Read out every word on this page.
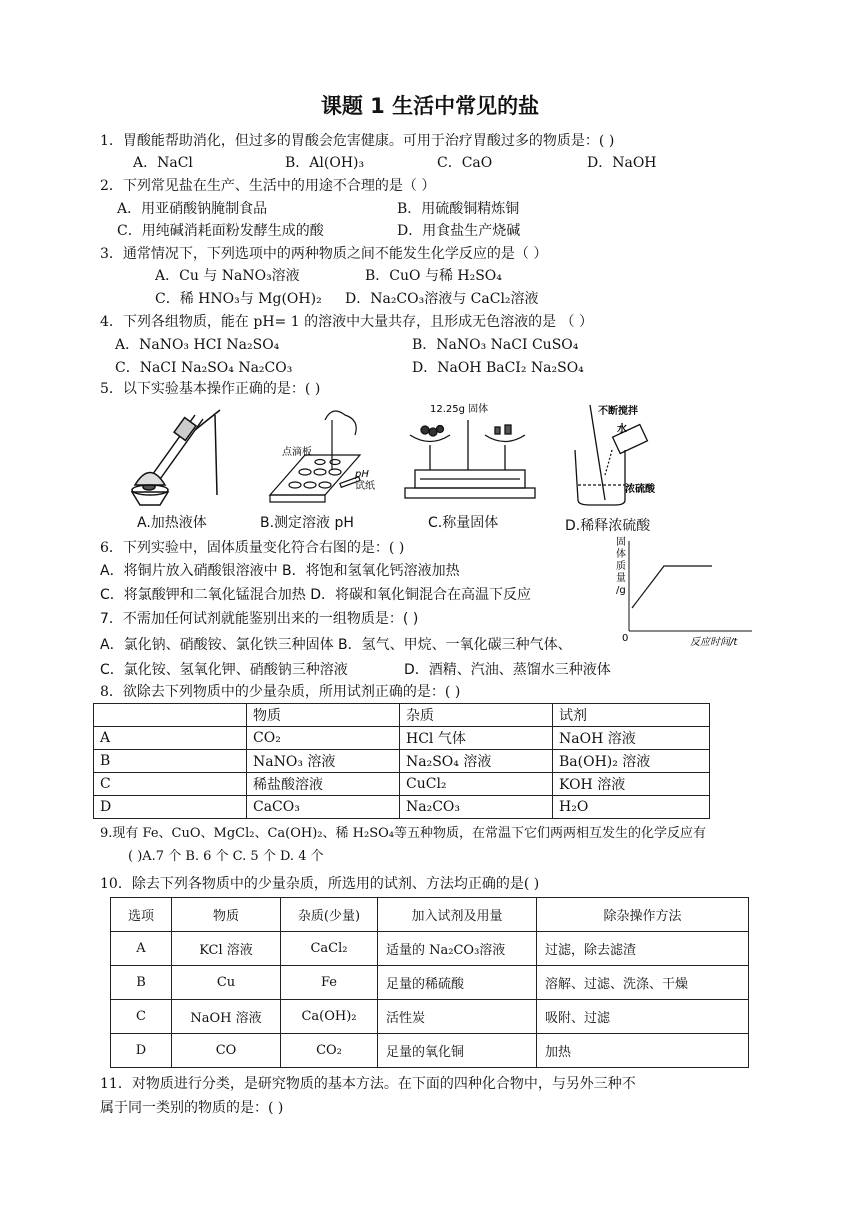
课题 1 生活中常见的盐
1．胃酸能帮助消化，但过多的胃酸会危害健康。可用于治疗胃酸过多的物质是：( )
A．NaCl	B．Al(OH)₃	C．CaO	D．NaOH
2．下列常见盐在生产、生活中的用途不合理的是（ ）
A．用亚硝酸钠腌制食品	B．用硫酸铜精炼铜
C．用纯碱消耗面粉发酵生成的酸	D．用食盐生产烧碱
3．通常情况下，下列选项中的两种物质之间不能发生化学反应的是（ ）
A．Cu 与 NaNO₃溶液	B．CuO 与稀 H₂SO₄
C．稀 HNO₃与 Mg(OH)₂ D．Na₂CO₃溶液与 CaCl₂溶液
4．下列各组物质，能在 pH= 1 的溶液中大量共存，且形成无色溶液的是 （ ）
A．NaNO₃ HCI Na₂SO₄	B．NaNO₃ NaCI CuSO₄
C．NaCI Na₂SO₄ Na₂CO₃	D．NaOH BaCI₂ Na₂SO₄
5．以下实验基本操作正确的是：( )
点滴板
pH
试纸
12.25g 固体	不断搅拌
水
浓硫酸
A.加热液体	B.测定溶液 pH	C.称量固体	D.稀释浓硫酸
6．下列实验中，固体质量变化符合右图的是：( )
A．将铜片放入硝酸银溶液中 B．将饱和氢氧化钙溶液加热
C．将氯酸钾和二氧化锰混合加热 D．将碳和氧化铜混合在高温下反应
固
体
质
量
/g
0	反应时间/t
7．不需加任何试剂就能鉴别出来的一组物质是：( )
A．氯化钠、硝酸铵、氯化铁三种固体 B．氢气、甲烷、一氧化碳三种气体、
C．氯化铵、氢氧化钾、硝酸钠三种溶液	D．酒精、汽油、蒸馏水三种液体
8．欲除去下列物质中的少量杂质，所用试剂正确的是：( )
	物质	杂质	试剂
A	CO₂	HCl 气体	NaOH 溶液
B	NaNO₃ 溶液	Na₂SO₄ 溶液	Ba(OH)₂ 溶液
C	稀盐酸溶液	CuCl₂	KOH 溶液
D	CaCO₃	Na₂CO₃	H₂O
9.现有 Fe、CuO、MgCl₂、Ca(OH)₂、稀 H₂SO₄等五种物质，在常温下它们两两相互发生的化学反应有
( )A.7 个 B. 6 个 C. 5 个 D. 4 个
10．除去下列各物质中的少量杂质，所选用的试剂、方法均正确的是( )
选项	物质	杂质(少量)	加入试剂及用量	除杂操作方法
A	KCl 溶液	CaCl₂	适量的 Na₂CO₃溶液	过滤，除去滤渣
B	Cu	Fe	足量的稀硫酸	溶解、过滤、洗涤、干燥
C	NaOH 溶液	Ca(OH)₂	活性炭	吸附、过滤
D	CO	CO₂	足量的氧化铜	加热
11．对物质进行分类，是研究物质的基本方法。在下面的四种化合物中，与另外三种不
属于同一类别的物质的是：( )
